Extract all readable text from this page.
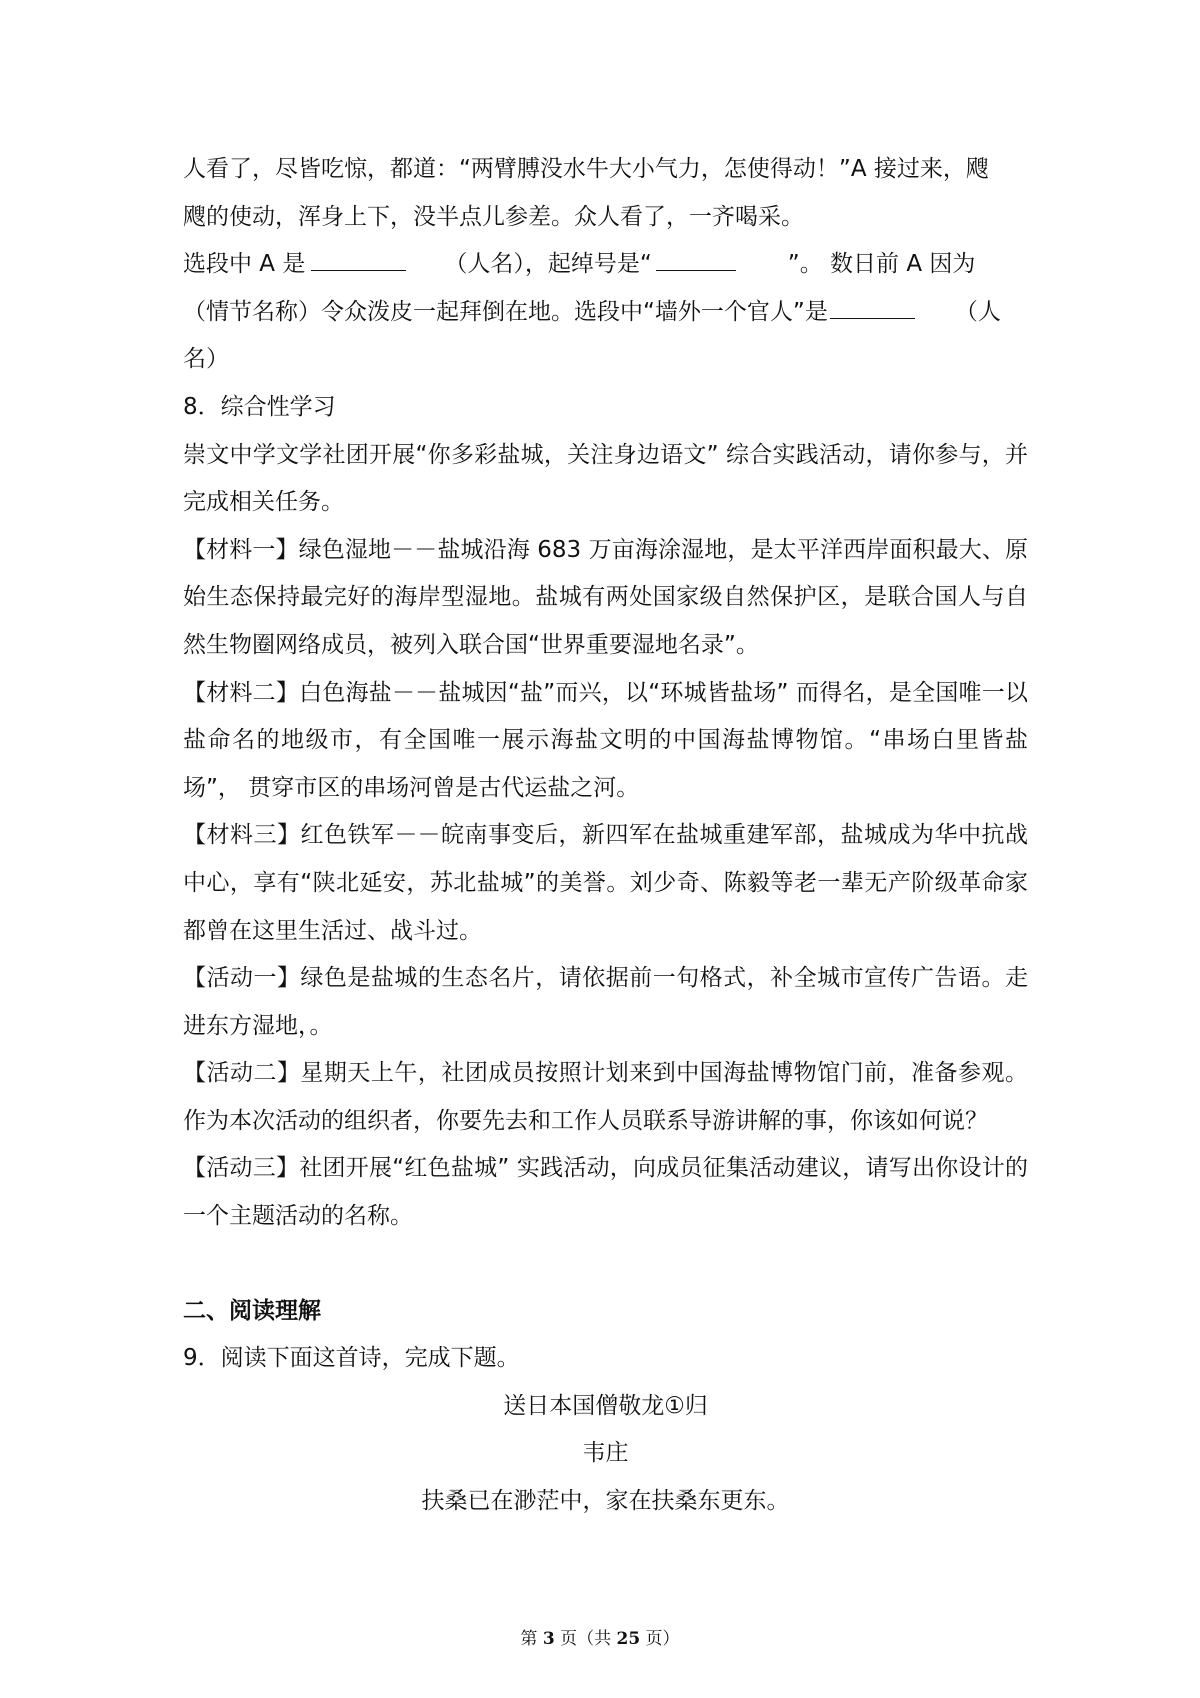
人看了，尽皆吃惊，都道：“两臂膊没水牛大小气力，怎使得动！”A 接过来，飕

飕的使动，浑身上下，没半点儿参差。众人看了，一齐喝采。

选段中 A 是	（人名），起绰号是“	”。 数日前 A 因为

（情节名称）令众泼皮一起拜倒在地。选段中“墙外一个官人”是	（人

名）

8．综合性学习

崇文中学文学社团开展“你多彩盐城，关注身边语文” 综合实践活动，请你参与，并完成相关任务。

【材料一】绿色湿地－－盐城沿海 683 万亩海涂湿地，是太平洋西岸面积最大、原始生态保持最完好的海岸型湿地。盐城有两处国家级自然保护区，是联合国人与自然生物圈网络成员，被列入联合国“世界重要湿地名录”。

【材料二】白色海盐－－盐城因“盐”而兴，以“环城皆盐场” 而得名，是全国唯一以盐命名的地级市，有全国唯一展示海盐文明的中国海盐博物馆。“串场白里皆盐场”， 贯穿市区的串场河曾是古代运盐之河。

【材料三】红色铁军－－皖南事变后，新四军在盐城重建军部，盐城成为华中抗战中心，享有“陕北延安，苏北盐城”的美誉。刘少奇、陈毅等老一辈无产阶级革命家都曾在这里生活过、战斗过。

【活动一】绿色是盐城的生态名片，请依据前一句格式，补全城市宣传广告语。走进东方湿地，。

【活动二】星期天上午，社团成员按照计划来到中国海盐博物馆门前，准备参观。作为本次活动的组织者，你要先去和工作人员联系导游讲解的事，你该如何说？

【活动三】社团开展“红色盐城” 实践活动，向成员征集活动建议，请写出你设计的一个主题活动的名称。

二、阅读理解

9．阅读下面这首诗，完成下题。

送日本国僧敬龙①归

韦庄

扶桑已在渺茫中，家在扶桑东更东。

第 3 页（共 25 页）
